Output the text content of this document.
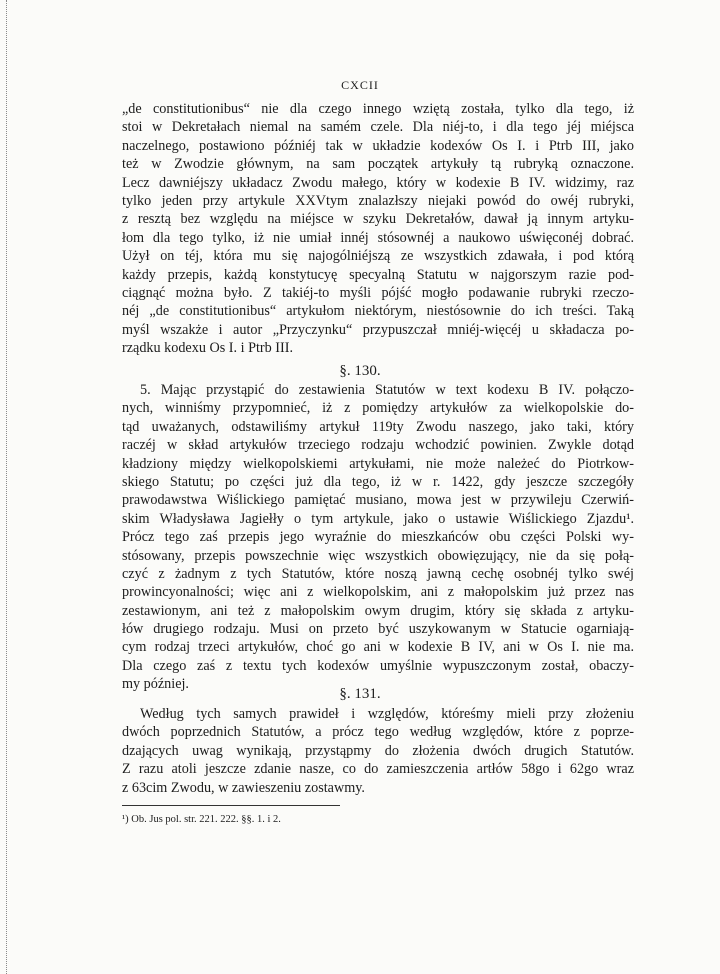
CXCII
„de constitutionibus“ nie dla czego innego wziętą została, tylko dla tego, iż
stoi w Dekretałach niemal na samém czele. Dla niéj-to, i dla tego jéj miéjsca
naczelnego, postawiono późniéj tak w układzie kodexów Os I. i Ptrb III, jako
też w Zwodzie głównym, na sam początek artykuły tą rubryką oznaczone.
Lecz dawniéjszy układacz Zwodu małego, który w kodexie B IV. widzimy, raz
tylko jeden przy artykule XXVtym znalazłszy niejaki powód do owéj rubryki,
z resztą bez względu na miéjsce w szyku Dekretałów, dawał ją innym artyku-
łom dla tego tylko, iż nie umiał innéj stósownéj a naukowo uświęconéj dobrać.
Użył on téj, która mu się najogólniéjszą ze wszystkich zdawała, i pod którą
każdy przepis, każdą konstytucyę specyalną Statutu w najgorszym razie pod-
ciągnąć można było. Z takiéj-to myśli pójść mogło podawanie rubryki rzeczo-
néj „de constitutionibus“ artykułom niektórym, niestósownie do ich treści. Taką
myśl wszakże i autor „Przyczynku“ przypuszczał mniéj-więcéj u składacza po-
rządku kodexu Os I. i Ptrb III.
§. 130.
5. Mając przystąpić do zestawienia Statutów w text kodexu B IV. połączo-
nych, winniśmy przypomnieć, iż z pomiędzy artykułów za wielkopolskie do-
tąd uważanych, odstawiliśmy artykuł 119ty Zwodu naszego, jako taki, który
raczéj w skład artykułów trzeciego rodzaju wchodzić powinien. Zwykle dotąd
kładziony między wielkopolskiemi artykułami, nie może należeć do Piotrkow-
skiego Statutu; po części już dla tego, iż w r. 1422, gdy jeszcze szczegóły
prawodawstwa Wiślickiego pamiętać musiano, mowa jest w przywileju Czerwiń-
skim Władysława Jagiełły o tym artykule, jako o ustawie Wiślickiego Zjazdu¹.
Prócz tego zaś przepis jego wyraźnie do mieszkańców obu części Polski wy-
stósowany, przepis powszechnie więc wszystkich obowięzujący, nie da się połą-
czyć z żadnym z tych Statutów, które noszą jawną cechę osobnéj tylko swéj
prowincyonalności; więc ani z wielkopolskim, ani z małopolskim już przez nas
zestawionym, ani też z małopolskim owym drugim, który się składa z artyku-
łów drugiego rodzaju. Musi on przeto być uszykowanym w Statucie ogarniają-
cym rodzaj trzeci artykułów, choć go ani w kodexie B IV, ani w Os I. nie ma.
Dla czego zaś z textu tych kodexów umyślnie wypuszczonym został, obaczy-
my później.
§. 131.
Według tych samych prawideł i względów, któreśmy mieli przy złożeniu
dwóch poprzednich Statutów, a prócz tego według względów, które z poprze-
dzających uwag wynikają, przystąpmy do złożenia dwóch drugich Statutów.
Z razu atoli jeszcze zdanie nasze, co do zamieszczenia artłów 58go i 62go wraz
z 63cim Zwodu, w zawieszeniu zostawmy.
¹) Ob. Jus pol. str. 221. 222. §§. 1. i 2.
